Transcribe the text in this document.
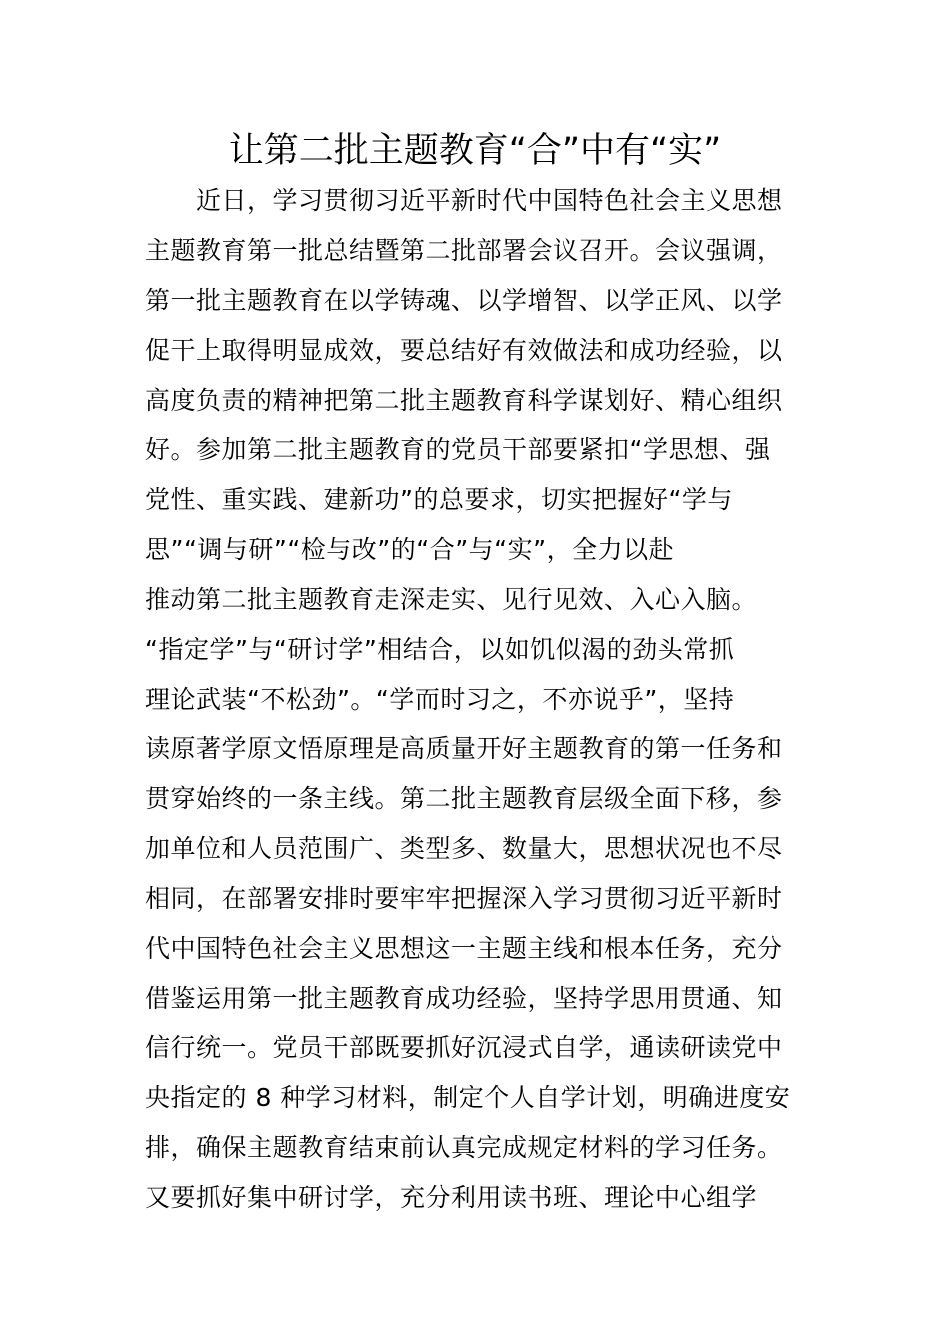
让第二批主题教育“合”中有“实”
　　近日，学习贯彻习近平新时代中国特色社会主义思想
主题教育第一批总结暨第二批部署会议召开。会议强调，
第一批主题教育在以学铸魂、以学增智、以学正风、以学
促干上取得明显成效，要总结好有效做法和成功经验，以
高度负责的精神把第二批主题教育科学谋划好、精心组织
好。参加第二批主题教育的党员干部要紧扣“学思想、强
党性、重实践、建新功”的总要求，切实把握好“学与
思”“调与研”“检与改”的“合”与“实”，全力以赴
推动第二批主题教育走深走实、见行见效、入心入脑。
“指定学”与“研讨学”相结合，以如饥似渴的劲头常抓
理论武装“不松劲”。“学而时习之，不亦说乎”，坚持
读原著学原文悟原理是高质量开好主题教育的第一任务和
贯穿始终的一条主线。第二批主题教育层级全面下移，参
加单位和人员范围广、类型多、数量大，思想状况也不尽
相同，在部署安排时要牢牢把握深入学习贯彻习近平新时
代中国特色社会主义思想这一主题主线和根本任务，充分
借鉴运用第一批主题教育成功经验，坚持学思用贯通、知
信行统一。党员干部既要抓好沉浸式自学，通读研读党中
央指定的 8 种学习材料，制定个人自学计划，明确进度安
排，确保主题教育结束前认真完成规定材料的学习任务。
又要抓好集中研讨学，充分利用读书班、理论中心组学
